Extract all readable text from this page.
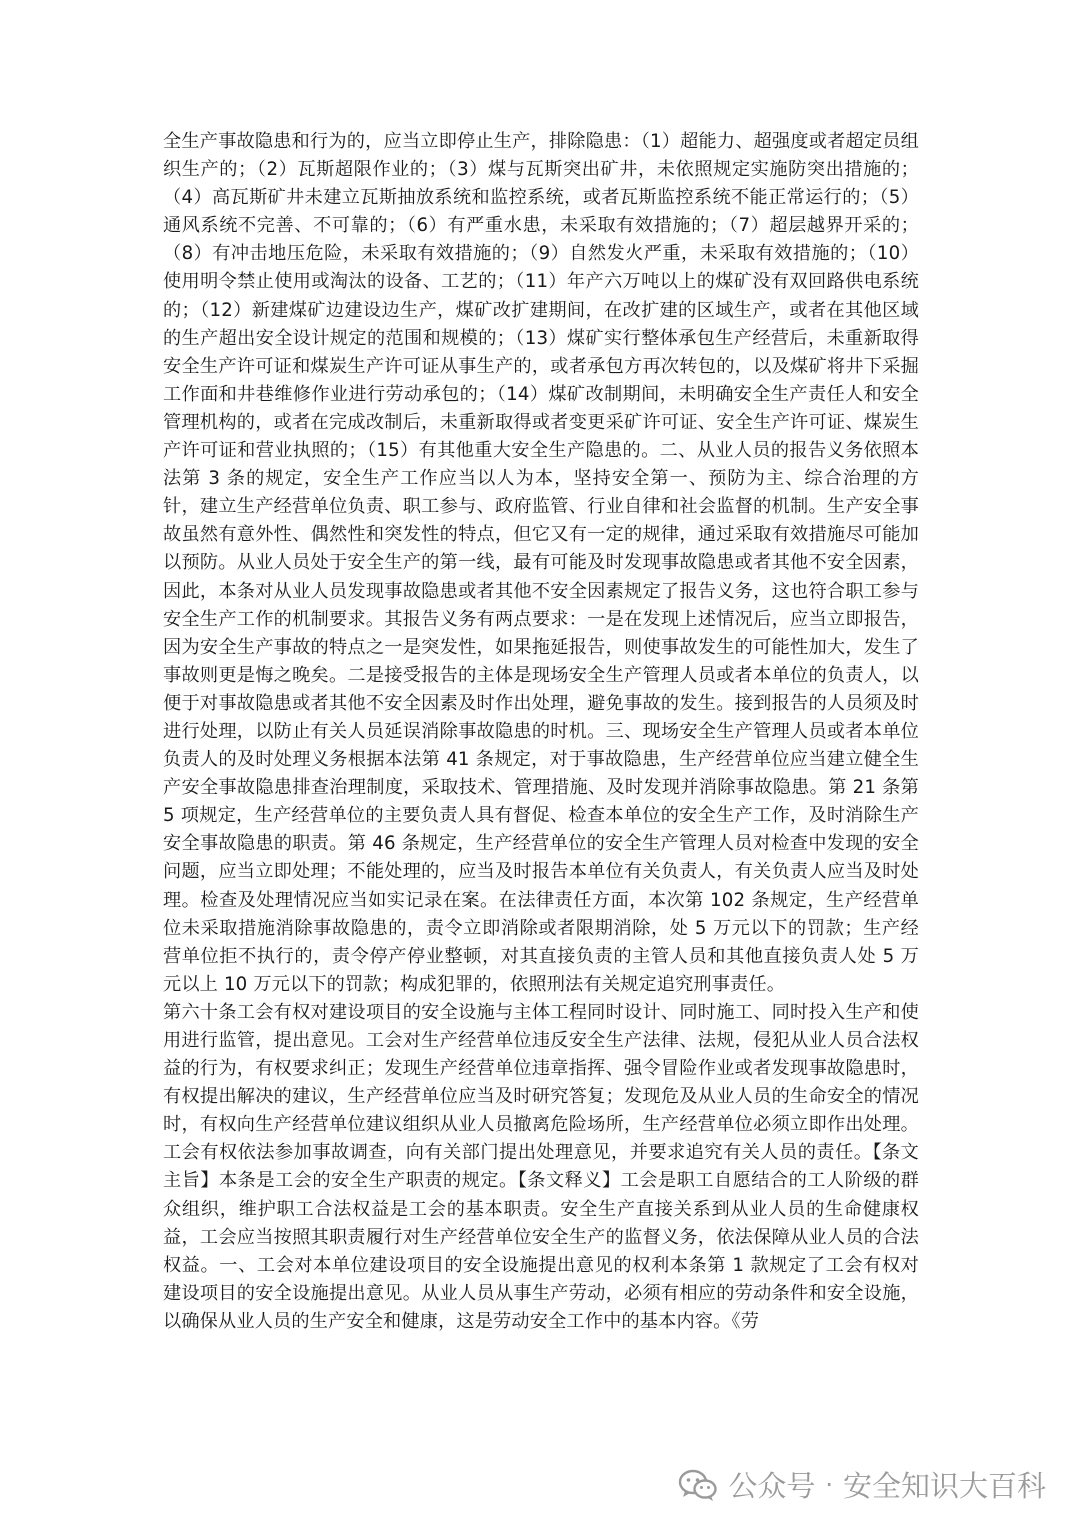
全生产事故隐患和行为的，应当立即停止生产，排除隐患：（1）超能力、超强度或者超定员组织生产的；（2）瓦斯超限作业的；（3）煤与瓦斯突出矿井，未依照规定实施防突出措施的；（4）高瓦斯矿井未建立瓦斯抽放系统和监控系统，或者瓦斯监控系统不能正常运行的；（5）通风系统不完善、不可靠的；（6）有严重水患，未采取有效措施的；（7）超层越界开采的；（8）有冲击地压危险，未采取有效措施的；（9）自然发火严重，未采取有效措施的；（10）使用明令禁止使用或淘汰的设备、工艺的；（11）年产六万吨以上的煤矿没有双回路供电系统的；（12）新建煤矿边建设边生产，煤矿改扩建期间，在改扩建的区域生产，或者在其他区域的生产超出安全设计规定的范围和规模的；（13）煤矿实行整体承包生产经营后，未重新取得安全生产许可证和煤炭生产许可证从事生产的，或者承包方再次转包的，以及煤矿将井下采掘工作面和井巷维修作业进行劳动承包的；（14）煤矿改制期间，未明确安全生产责任人和安全管理机构的，或者在完成改制后，未重新取得或者变更采矿许可证、安全生产许可证、煤炭生产许可证和营业执照的；（15）有其他重大安全生产隐患的。二、从业人员的报告义务依照本法第 3 条的规定，安全生产工作应当以人为本，坚持安全第一、预防为主、综合治理的方针，建立生产经营单位负责、职工参与、政府监管、行业自律和社会监督的机制。生产安全事故虽然有意外性、偶然性和突发性的特点，但它又有一定的规律，通过采取有效措施尽可能加以预防。从业人员处于安全生产的第一线，最有可能及时发现事故隐患或者其他不安全因素，因此，本条对从业人员发现事故隐患或者其他不安全因素规定了报告义务，这也符合职工参与安全生产工作的机制要求。其报告义务有两点要求：一是在发现上述情况后，应当立即报告，因为安全生产事故的特点之一是突发性，如果拖延报告，则使事故发生的可能性加大，发生了事故则更是悔之晚矣。二是接受报告的主体是现场安全生产管理人员或者本单位的负责人，以便于对事故隐患或者其他不安全因素及时作出处理，避免事故的发生。接到报告的人员须及时进行处理，以防止有关人员延误消除事故隐患的时机。三、现场安全生产管理人员或者本单位负责人的及时处理义务根据本法第 41 条规定，对于事故隐患，生产经营单位应当建立健全生产安全事故隐患排查治理制度，采取技术、管理措施、及时发现并消除事故隐患。第 21 条第 5 项规定，生产经营单位的主要负责人具有督促、检查本单位的安全生产工作，及时消除生产安全事故隐患的职责。第 46 条规定，生产经营单位的安全生产管理人员对检查中发现的安全问题，应当立即处理；不能处理的，应当及时报告本单位有关负责人，有关负责人应当及时处理。检查及处理情况应当如实记录在案。在法律责任方面，本次第 102 条规定，生产经营单位未采取措施消除事故隐患的，责令立即消除或者限期消除，处 5 万元以下的罚款；生产经营单位拒不执行的，责令停产停业整顿，对其直接负责的主管人员和其他直接负责人处 5 万元以上 10 万元以下的罚款；构成犯罪的，依照刑法有关规定追究刑事责任。

第六十条工会有权对建设项目的安全设施与主体工程同时设计、同时施工、同时投入生产和使用进行监管，提出意见。工会对生产经营单位违反安全生产法律、法规，侵犯从业人员合法权益的行为，有权要求纠正；发现生产经营单位违章指挥、强令冒险作业或者发现事故隐患时，有权提出解决的建议，生产经营单位应当及时研究答复；发现危及从业人员的生命安全的情况时，有权向生产经营单位建议组织从业人员撤离危险场所，生产经营单位必须立即作出处理。工会有权依法参加事故调查，向有关部门提出处理意见，并要求追究有关人员的责任。【条文主旨】本条是工会的安全生产职责的规定。【条文释义】工会是职工自愿结合的工人阶级的群众组织，维护职工合法权益是工会的基本职责。安全生产直接关系到从业人员的生命健康权益，工会应当按照其职责履行对生产经营单位安全生产的监督义务，依法保障从业人员的合法权益。一、工会对本单位建设项目的安全设施提出意见的权利本条第 1 款规定了工会有权对建设项目的安全设施提出意见。从业人员从事生产劳动，必须有相应的劳动条件和安全设施，以确保从业人员的生产安全和健康，这是劳动安全工作中的基本内容。《劳

公众号 · 安全知识大百科
